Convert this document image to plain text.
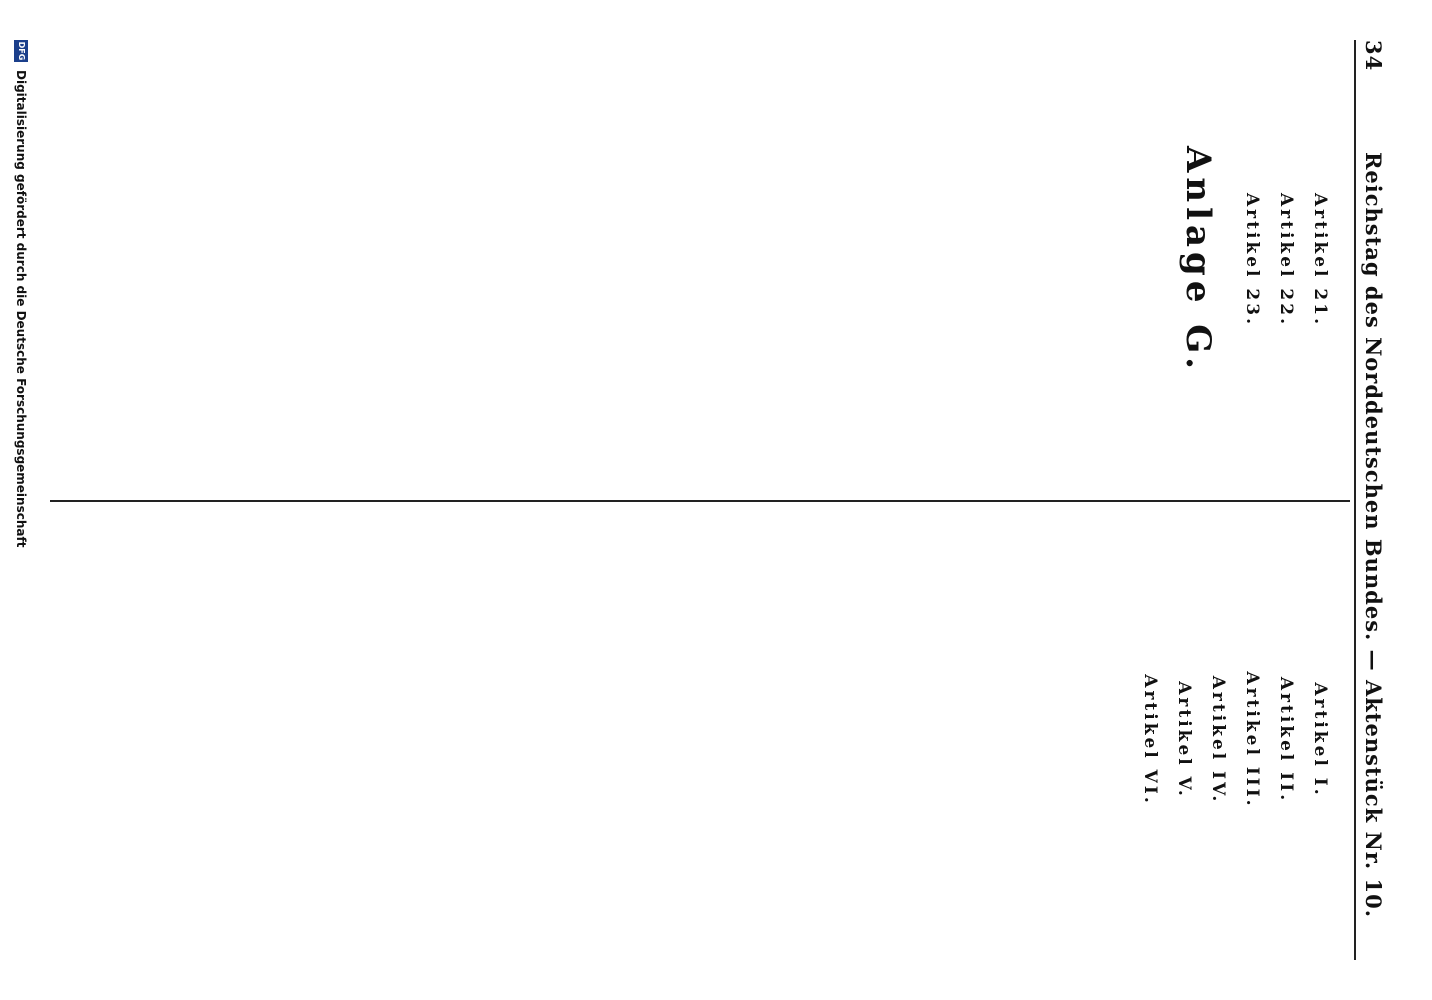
34
Reichstag des Norddeutschen Bundes. — Aktenstück Nr. 10.
Artikel 21.
Artikel 22.
Artikel 23.
Anlage G.
Artikel I.
Artikel II.
Artikel III.
Artikel IV.
Artikel V.
Artikel VI.
DFG
Digitalisierung gefördert durch die Deutsche Forschungsgemeinschaft
